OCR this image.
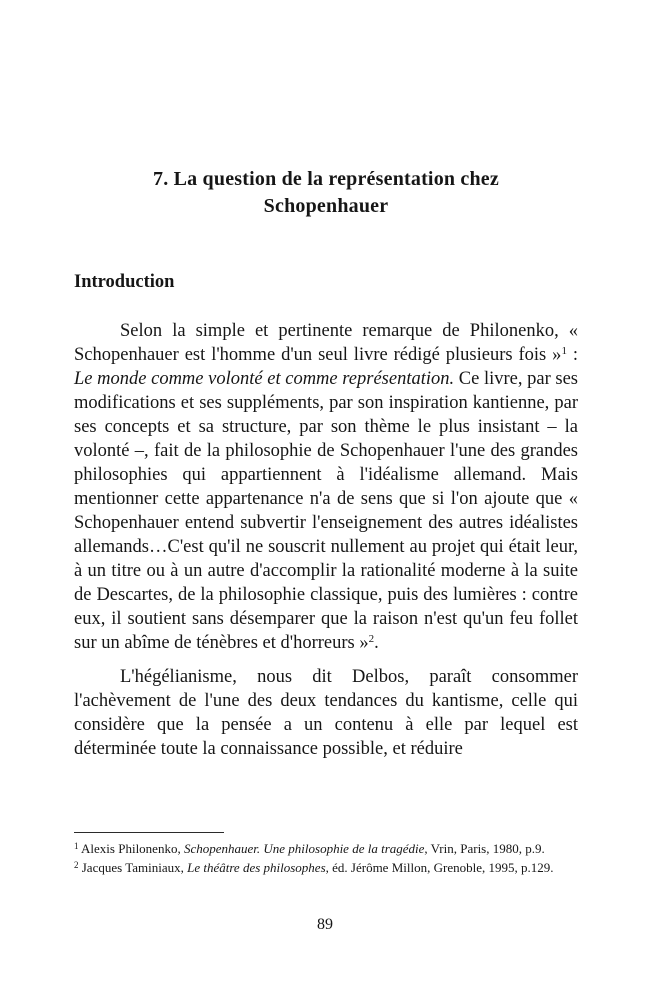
7. La question de la représentation chez
Schopenhauer
Introduction

Selon la simple et pertinente remarque de Philonenko, « Schopenhauer est l'homme d'un seul livre rédigé plusieurs fois »$^1$ : Le monde comme volonté et comme représentation. Ce livre, par ses modifications et ses suppléments, par son inspiration kantienne, par ses concepts et sa structure, par son thème le plus insistant – la volonté –, fait de la philosophie de Schopenhauer l'une des grandes philosophies qui appartiennent à l'idéalisme allemand. Mais mentionner cette appartenance n'a de sens que si l'on ajoute que « Schopenhauer entend subvertir l'enseignement des autres idéalistes allemands…C'est qu'il ne souscrit nullement au projet qui était leur, à un titre ou à un autre d'accomplir la rationalité moderne à la suite de Descartes, de la philosophie classique, puis des lumières : contre eux, il soutient sans désemparer que la raison n'est qu'un feu follet sur un abîme de ténèbres et d'horreurs »$^2$.

L'hégélianisme, nous dit Delbos, paraît consommer l'achèvement de l'une des deux tendances du kantisme, celle qui considère que la pensée a un contenu à elle par lequel est déterminée toute la connaissance possible, et réduire

$^1$ Alexis Philonenko, Schopenhauer. Une philosophie de la tragédie, Vrin, Paris, 1980, p.9.

$^2$ Jacques Taminiaux, Le théâtre des philosophes, éd. Jérôme Millon, Grenoble, 1995, p.129.

89
